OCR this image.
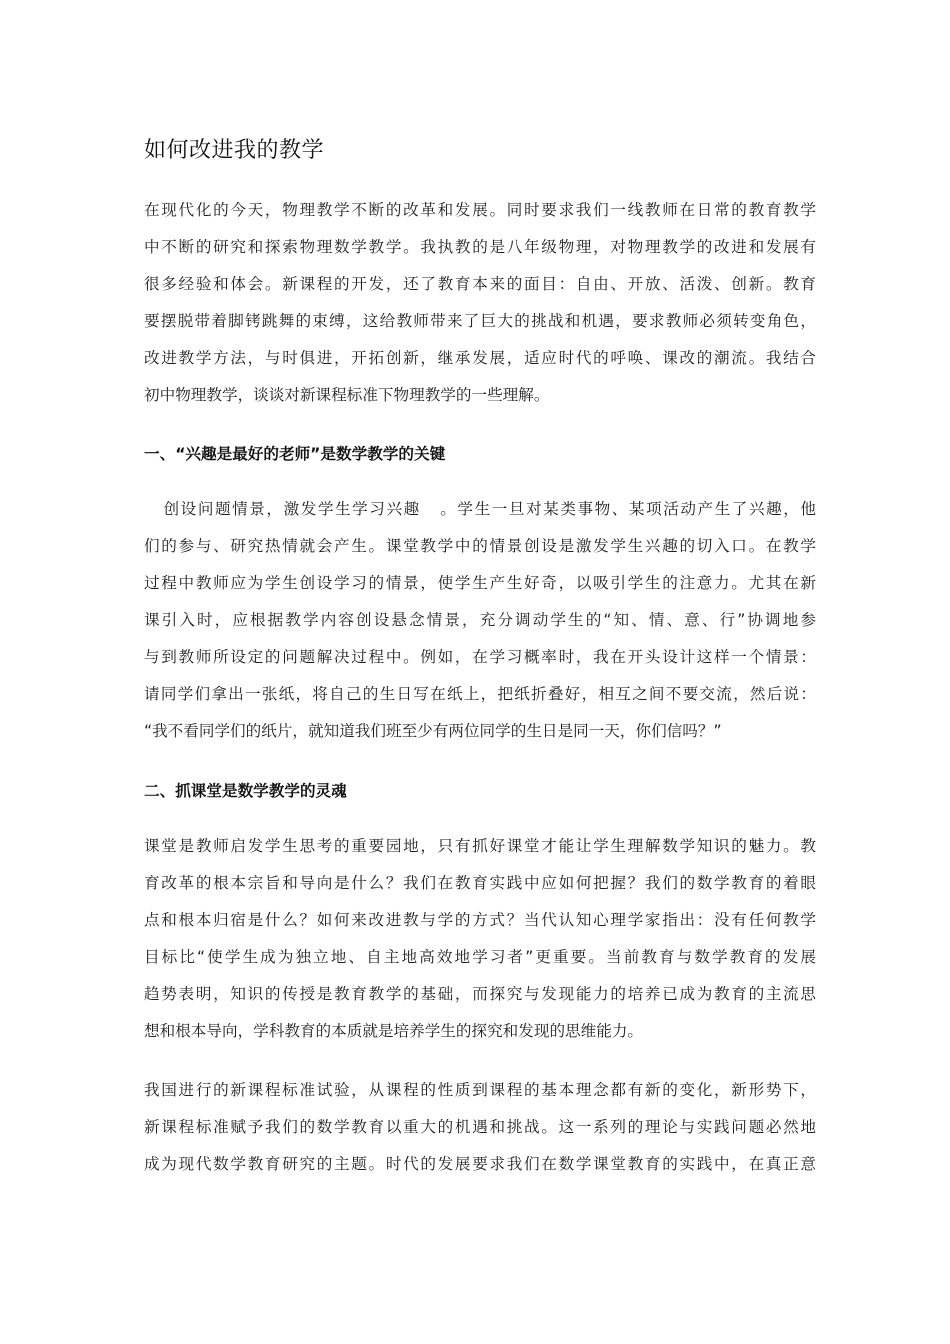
如何改进我的教学
在现代化的今天，物理教学不断的改革和发展。同时要求我们一线教师在日常的教育教学
中不断的研究和探索物理数学教学。我执教的是八年级物理，对物理教学的改进和发展有
很多经验和体会。新课程的开发，还了教育本来的面目：自由、开放、活泼、创新。教育
要摆脱带着脚铐跳舞的束缚，这给教师带来了巨大的挑战和机遇，要求教师必须转变角色，
改进教学方法，与时俱进，开拓创新，继承发展，适应时代的呼唤、课改的潮流。我结合
初中物理教学，谈谈对新课程标准下物理教学的一些理解。
一、“兴趣是最好的老师”是数学教学的关键
创设问题情景，激发学生学习兴趣   。学生一旦对某类事物、某项活动产生了兴趣，他
们的参与、研究热情就会产生。课堂教学中的情景创设是激发学生兴趣的切入口。在教学
过程中教师应为学生创设学习的情景，使学生产生好奇，以吸引学生的注意力。尤其在新
课引入时，应根据教学内容创设悬念情景，充分调动学生的“知、情、意、行”协调地参
与到教师所设定的问题解决过程中。例如，在学习概率时，我在开头设计这样一个情景：
请同学们拿出一张纸，将自己的生日写在纸上，把纸折叠好，相互之间不要交流，然后说：
“我不看同学们的纸片，就知道我们班至少有两位同学的生日是同一天，你们信吗？”
二、抓课堂是数学教学的灵魂
课堂是教师启发学生思考的重要园地，只有抓好课堂才能让学生理解数学知识的魅力。教
育改革的根本宗旨和导向是什么？我们在教育实践中应如何把握？我们的数学教育的着眼
点和根本归宿是什么？如何来改进教与学的方式？当代认知心理学家指出：没有任何教学
目标比“使学生成为独立地、自主地高效地学习者”更重要。当前教育与数学教育的发展
趋势表明，知识的传授是教育教学的基础，而探究与发现能力的培养已成为教育的主流思
想和根本导向，学科教育的本质就是培养学生的探究和发现的思维能力。
我国进行的新课程标准试验，从课程的性质到课程的基本理念都有新的变化，新形势下，
新课程标准赋予我们的数学教育以重大的机遇和挑战。这一系列的理论与实践问题必然地
成为现代数学教育研究的主题。时代的发展要求我们在数学课堂教育的实践中，在真正意
